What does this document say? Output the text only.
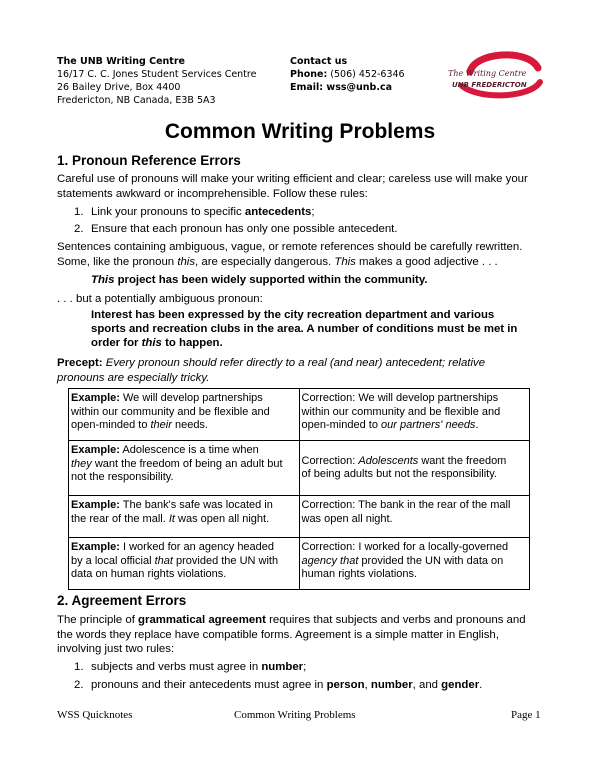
The UNB Writing Centre
16/17 C. C. Jones Student Services Centre
26 Bailey Drive, Box 4400
Fredericton, NB Canada, E3B 5A3
Contact us
Phone: (506) 452-6346
Email: wss@unb.ca
The Writing Centre
UNB FREDERICTON
Common Writing Problems
1. Pronoun Reference Errors
Careful use of pronouns will make your writing efficient and clear; careless use will make your
statements awkward or incomprehensible. Follow these rules:
1. Link your pronouns to specific antecedents;
2. Ensure that each pronoun has only one possible antecedent.
Sentences containing ambiguous, vague, or remote references should be carefully rewritten.
Some, like the pronoun this, are especially dangerous. This makes a good adjective . . .
This project has been widely supported within the community.
. . . but a potentially ambiguous pronoun:
Interest has been expressed by the city recreation department and various
sports and recreation clubs in the area. A number of conditions must be met in
order for this to happen.
Precept: Every pronoun should refer directly to a real (and near) antecedent; relative
pronouns are especially tricky.
Example: We will develop partnerships
within our community and be flexible and
open-minded to their needs.	Correction: We will develop partnerships
within our community and be flexible and
open-minded to our partners' needs.
Example: Adolescence is a time when
they want the freedom of being an adult but
not the responsibility.	Correction: Adolescents want the freedom
of being adults but not the responsibility.
Example: The bank's safe was located in
the rear of the mall. It was open all night.	Correction: The bank in the rear of the mall
was open all night.
Example: I worked for an agency headed
by a local official that provided the UN with
data on human rights violations.	Correction: I worked for a locally-governed
agency that provided the UN with data on
human rights violations.
2. Agreement Errors
The principle of grammatical agreement requires that subjects and verbs and pronouns and
the words they replace have compatible forms. Agreement is a simple matter in English,
involving just two rules:
1. subjects and verbs must agree in number;
2. pronouns and their antecedents must agree in person, number, and gender.
WSS Quicknotes	Common Writing Problems	Page 1
